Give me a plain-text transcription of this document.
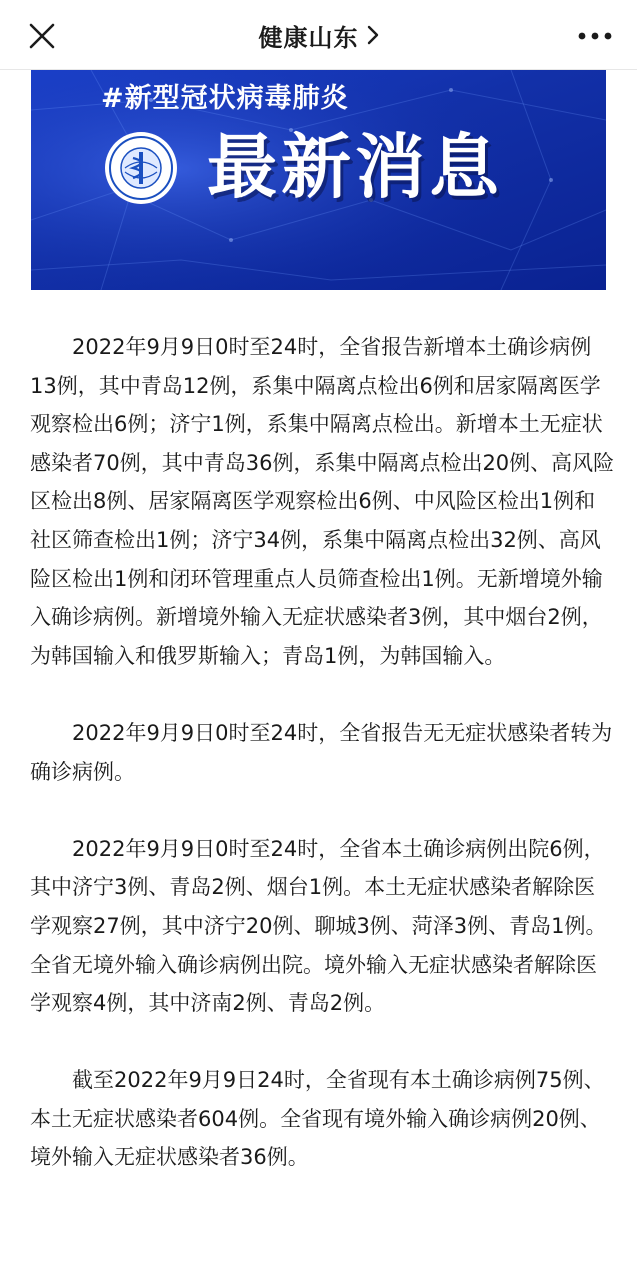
健康山东
#新型冠状病毒肺炎
最新消息

2022年9月9日0时至24时，全省报告新增本土确诊病例13例，其中青岛12例，系集中隔离点检出6例和居家隔离医学观察检出6例；济宁1例，系集中隔离点检出。新增本土无症状感染者70例，其中青岛36例，系集中隔离点检出20例、高风险区检出8例、居家隔离医学观察检出6例、中风险区检出1例和社区筛查检出1例；济宁34例，系集中隔离点检出32例、高风险区检出1例和闭环管理重点人员筛查检出1例。无新增境外输入确诊病例。新增境外输入无症状感染者3例，其中烟台2例，为韩国输入和俄罗斯输入；青岛1例，为韩国输入。

2022年9月9日0时至24时，全省报告无无症状感染者转为确诊病例。

2022年9月9日0时至24时，全省本土确诊病例出院6例，其中济宁3例、青岛2例、烟台1例。本土无症状感染者解除医学观察27例，其中济宁20例、聊城3例、菏泽3例、青岛1例。全省无境外输入确诊病例出院。境外输入无症状感染者解除医学观察4例，其中济南2例、青岛2例。

截至2022年9月9日24时，全省现有本土确诊病例75例、本土无症状感染者604例。全省现有境外输入确诊病例20例、境外输入无症状感染者36例。
